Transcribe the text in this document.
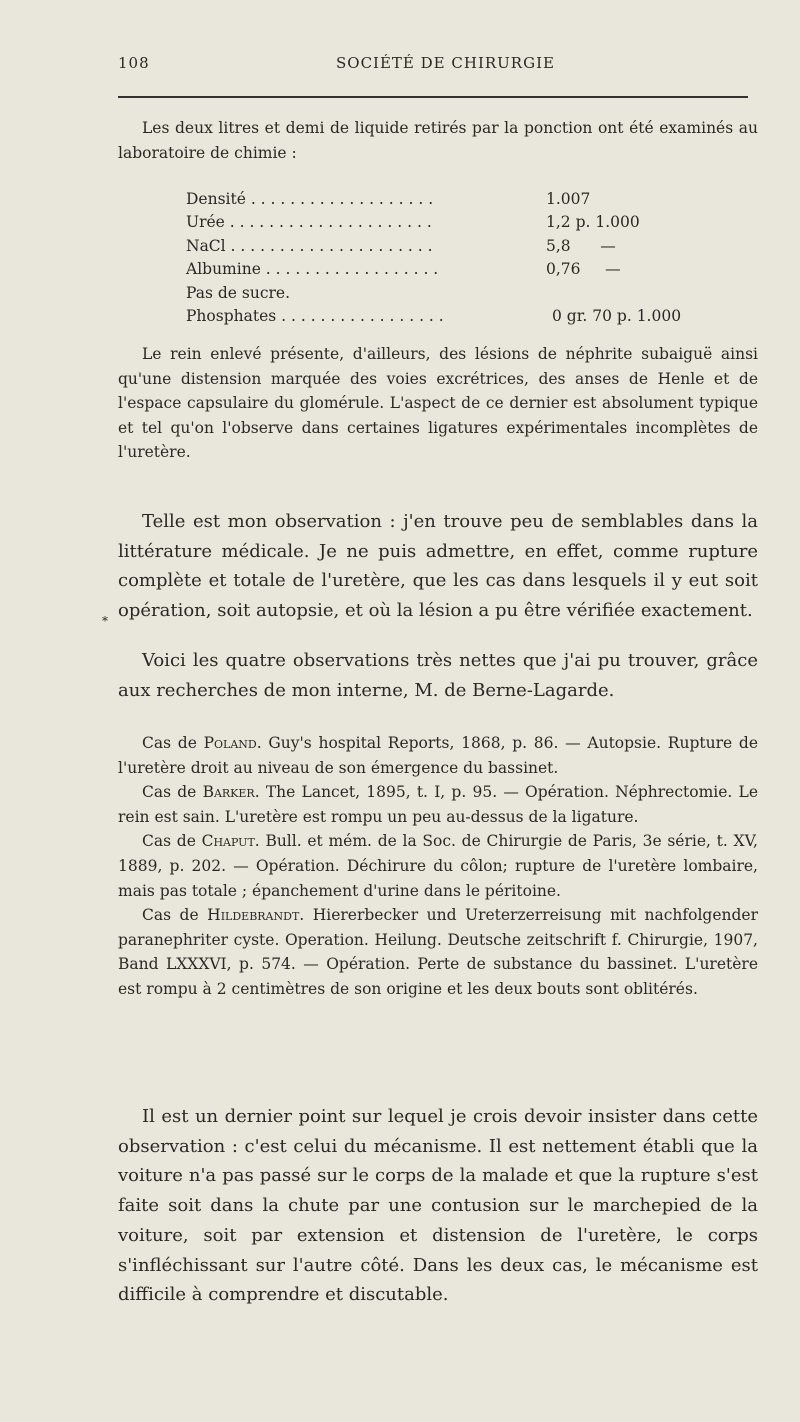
108	SOCIÉTÉ DE CHIRURGIE

Les deux litres et demi de liquide retirés par la ponction ont été examinés au laboratoire de chimie :

Densité . . . . . . . . . . . . . . . . . . .	1.007
Urée . . . . . . . . . . . . . . . . . . . . .	1,2 p. 1.000
NaCl . . . . . . . . . . . . . . . . . . . . .	5,8      —
Albumine . . . . . . . . . . . . . . . . . .	0,76     —
Pas de sucre.
Phosphates . . . . . . . . . . . . . . . . .	0 gr. 70 p. 1.000

Le rein enlevé présente, d'ailleurs, des lésions de néphrite subaiguë ainsi qu'une distension marquée des voies excrétrices, des anses de Henle et de l'espace capsulaire du glomérule. L'aspect de ce dernier est absolument typique et tel qu'on l'observe dans certaines ligatures expérimentales incomplètes de l'uretère.

Telle est mon observation : j'en trouve peu de semblables dans la littérature médicale. Je ne puis admettre, en effet, comme rupture complète et totale de l'uretère, que les cas dans lesquels il y eut soit opération, soit autopsie, et où la lésion a pu être vérifiée exactement.

*

Voici les quatre observations très nettes que j'ai pu trouver, grâce aux recherches de mon interne, M. de Berne-Lagarde.

Cas de Poland. Guy's hospital Reports, 1868, p. 86. — Autopsie. Rupture de l'uretère droit au niveau de son émergence du bassinet.

Cas de Barker. The Lancet, 1895, t. I, p. 95. — Opération. Néphrectomie. Le rein est sain. L'uretère est rompu un peu au-dessus de la ligature.

Cas de Chaput. Bull. et mém. de la Soc. de Chirurgie de Paris, 3e série, t. XV, 1889, p. 202. — Opération. Déchirure du côlon; rupture de l'uretère lombaire, mais pas totale ; épanchement d'urine dans le péritoine.

Cas de Hildebrandt. Hiererbecker und Ureterzerreisung mit nachfolgender paranephriter cyste. Operation. Heilung. Deutsche zeitschrift f. Chirurgie, 1907, Band LXXXVI, p. 574. — Opération. Perte de substance du bassinet. L'uretère est rompu à 2 centimètres de son origine et les deux bouts sont oblitérés.

Il est un dernier point sur lequel je crois devoir insister dans cette observation : c'est celui du mécanisme. Il est nettement établi que la voiture n'a pas passé sur le corps de la malade et que la rupture s'est faite soit dans la chute par une contusion sur le marchepied de la voiture, soit par extension et distension de l'uretère, le corps s'infléchissant sur l'autre côté. Dans les deux cas, le mécanisme est difficile à comprendre et discutable.
